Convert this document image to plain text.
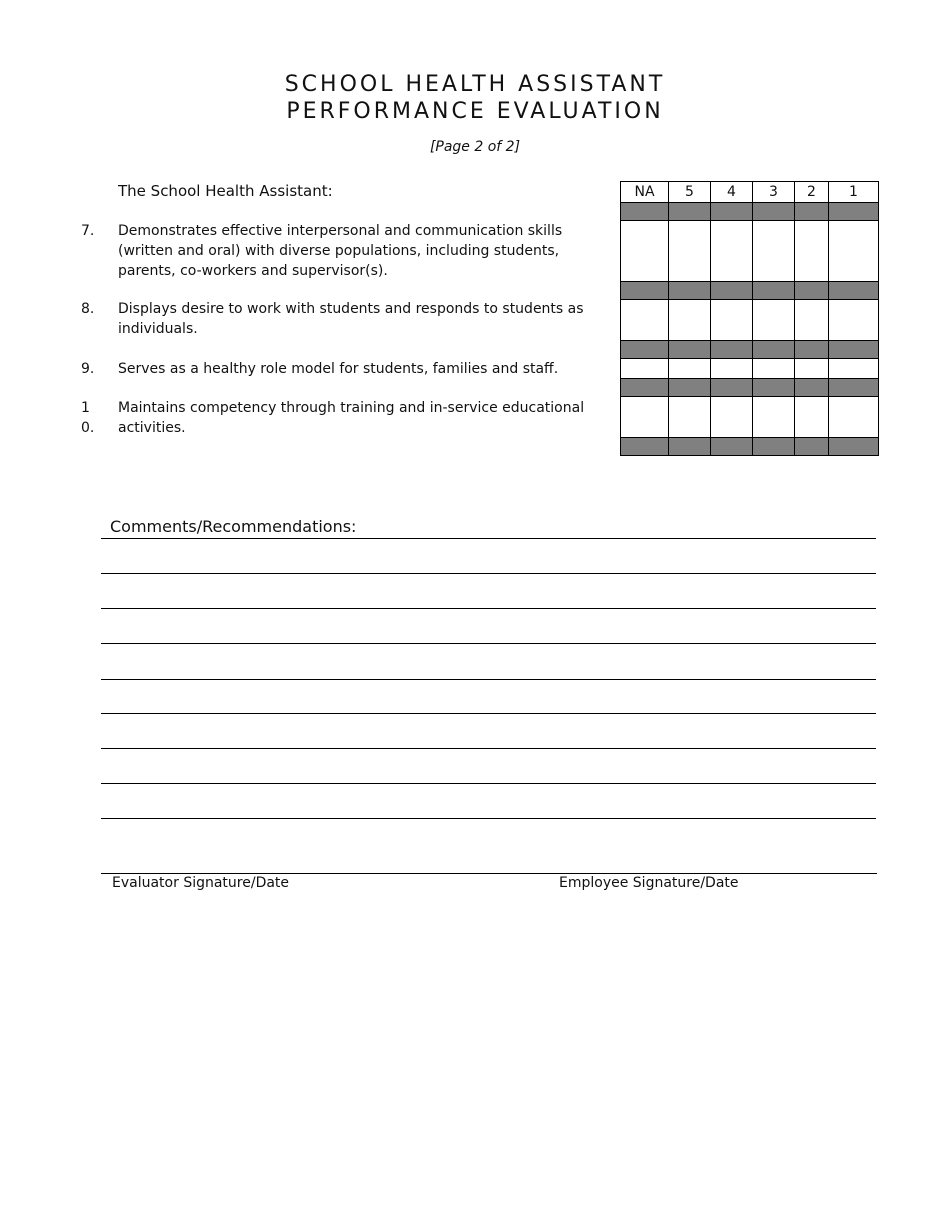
SCHOOL HEALTH ASSISTANT
PERFORMANCE EVALUATION
[Page 2 of 2]
The School Health Assistant:
7.	Demonstrates effective interpersonal and communication skills (written and oral) with diverse populations, including students, parents, co-workers and supervisor(s).
8.	Displays desire to work with students and responds to students as individuals.
9.	Serves as a healthy role model for students, families and staff.
10.
Maintains competency through training and in-service educational activities.
NA	5	4	3	2	1

Comments/Recommendations:
Evaluator Signature/Date	Employee Signature/Date
